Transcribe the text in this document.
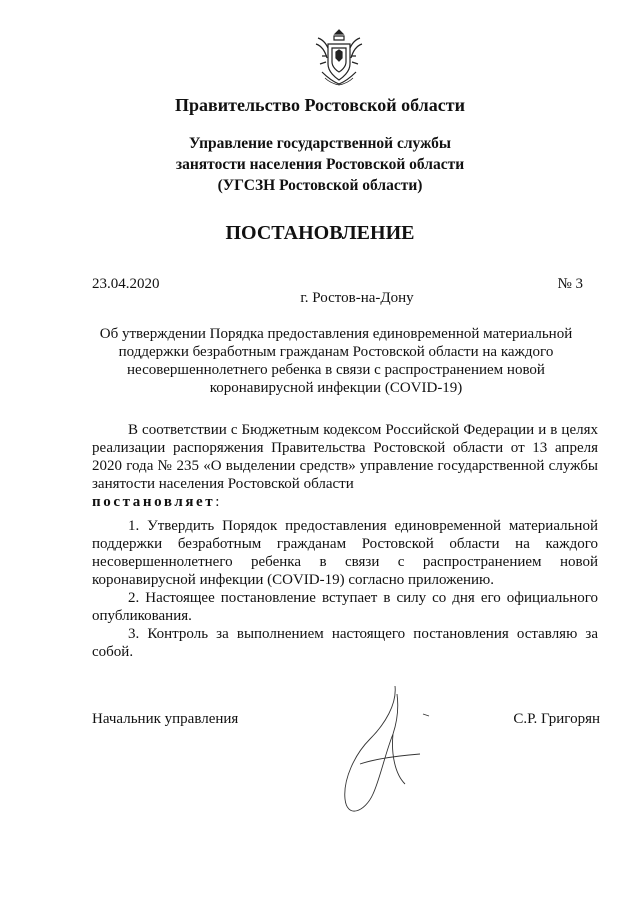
Правительство Ростовской области
Управление государственной службы
занятости населения Ростовской области
(УГСЗН Ростовской области)
ПОСТАНОВЛЕНИЕ
23.04.2020	№ 3
г. Ростов-на-Дону
Об утверждении Порядка предоставления единовременной материальной
поддержки безработным гражданам Ростовской области на каждого
несовершеннолетнего ребенка в связи с распространением новой
коронавирусной инфекции (COVID-19)
В соответствии с Бюджетным кодексом Российской Федерации и в целях реализации распоряжения Правительства Ростовской области от 13 апреля 2020 года № 235 «О выделении средств» управление государственной службы занятости населения Ростовской области
постановляет:

1. Утвердить Порядок предоставления единовременной материальной поддержки безработным гражданам Ростовской области на каждого несовершеннолетнего ребенка в связи с распространением новой коронавирусной инфекции (COVID-19) согласно приложению.

2. Настоящее постановление вступает в силу со дня его официального опубликования.

3. Контроль за выполнением настоящего постановления оставляю за собой.

Начальник управления	С.Р. Григорян
